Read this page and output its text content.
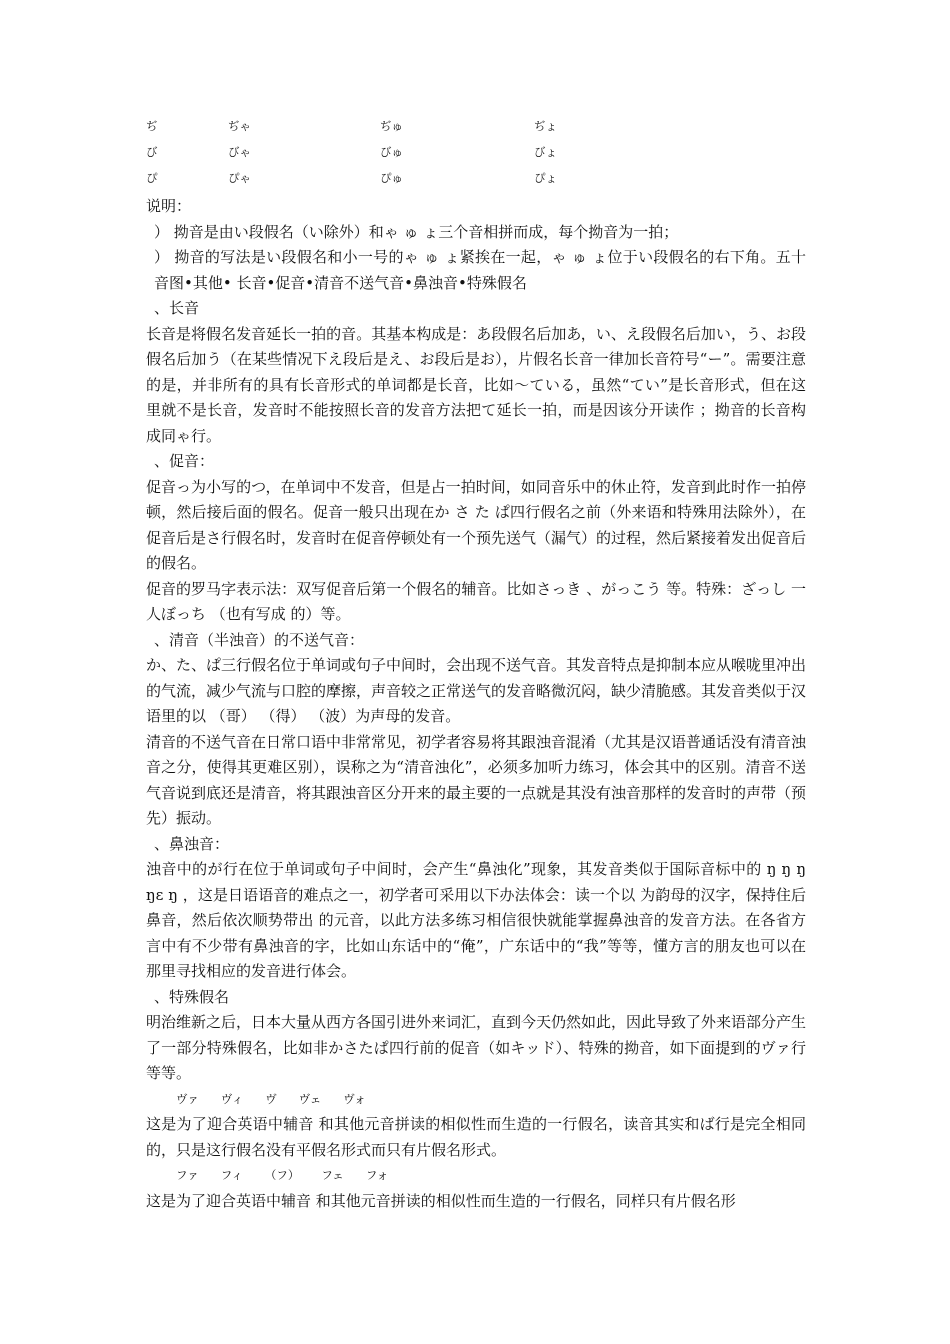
ぢ	ぢゃ	ぢゅ	ぢょ
び	びゃ	びゅ	びょ
ぴ	ぴゃ	ぴゅ	ぴょ

说明：

） 拗音是由い段假名（い除外）和ゃ ゅ ょ三个音相拼而成，每个拗音为一拍；

） 拗音的写法是い段假名和小一号的ゃ ゅ ょ紧挨在一起，ゃ ゅ ょ位于い段假名的右下角。五十音图•其他• 长音•促音•清音不送气音•鼻浊音•特殊假名

、长音

长音是将假名发音延长一拍的音。其基本构成是：あ段假名后加あ，い、え段假名后加い，う、お段假名后加う（在某些情况下え段后是え、お段后是お），片假名长音一律加长音符号“ー”。需要注意的是，并非所有的具有长音形式的单词都是长音，比如～ている，虽然“てい”是长音形式，但在这里就不是长音，发音时不能按照长音的发音方法把て延长一拍，而是因该分开读作 ；拗音的长音构成同ゃ行。

、促音：

促音っ为小写的つ，在单词中不发音，但是占一拍时间，如同音乐中的休止符，发音到此时作一拍停顿，然后接后面的假名。促音一般只出现在か さ た ぱ四行假名之前（外来语和特殊用法除外），在促音后是さ行假名时，发音时在促音停顿处有一个预先送气（漏气）的过程，然后紧接着发出促音后的假名。

促音的罗马字表示法：双写促音后第一个假名的辅音。比如さっき 、がっこう 等。特殊：ざっし 一人ぼっち （也有写成 的）等。

、清音（半浊音）的不送气音：

か、た、ぱ三行假名位于单词或句子中间时，会出现不送气音。其发音特点是抑制本应从喉咙里冲出的气流，减少气流与口腔的摩擦，声音较之正常送气的发音略微沉闷，缺少清脆感。其发音类似于汉语里的以 （哥） （得） （波）为声母的发音。

清音的不送气音在日常口语中非常常见，初学者容易将其跟浊音混淆（尤其是汉语普通话没有清音浊音之分，使得其更难区别），误称之为“清音浊化”，必须多加听力练习，体会其中的区别。清音不送气音说到底还是清音，将其跟浊音区分开来的最主要的一点就是其没有浊音那样的发音时的声带（预先）振动。

、鼻浊音：

浊音中的が行在位于单词或句子中间时，会产生“鼻浊化”现象，其发音类似于国际音标中的 ŋ ŋ ŋ ŋɛ ŋ ，这是日语语音的难点之一，初学者可采用以下办法体会：读一个以 为韵母的汉字，保持住后鼻音，然后依次顺势带出 的元音，以此方法多练习相信很快就能掌握鼻浊音的发音方法。在各省方言中有不少带有鼻浊音的字，比如山东话中的“俺”，广东话中的“我”等等，懂方言的朋友也可以在那里寻找相应的发音进行体会。

、特殊假名

明治维新之后，日本大量从西方各国引进外来词汇，直到今天仍然如此，因此导致了外来语部分产生了一部分特殊假名，比如非かさたぱ四行前的促音（如キッド）、特殊的拗音，如下面提到的ヴァ行等等。

ヴァ ヴィ ヴ ヴェ ヴォ

这是为了迎合英语中辅音 和其他元音拼读的相似性而生造的一行假名，读音其实和ば行是完全相同的，只是这行假名没有平假名形式而只有片假名形式。

ファ フィ （フ） フェ フォ

这是为了迎合英语中辅音 和其他元音拼读的相似性而生造的一行假名，同样只有片假名形
